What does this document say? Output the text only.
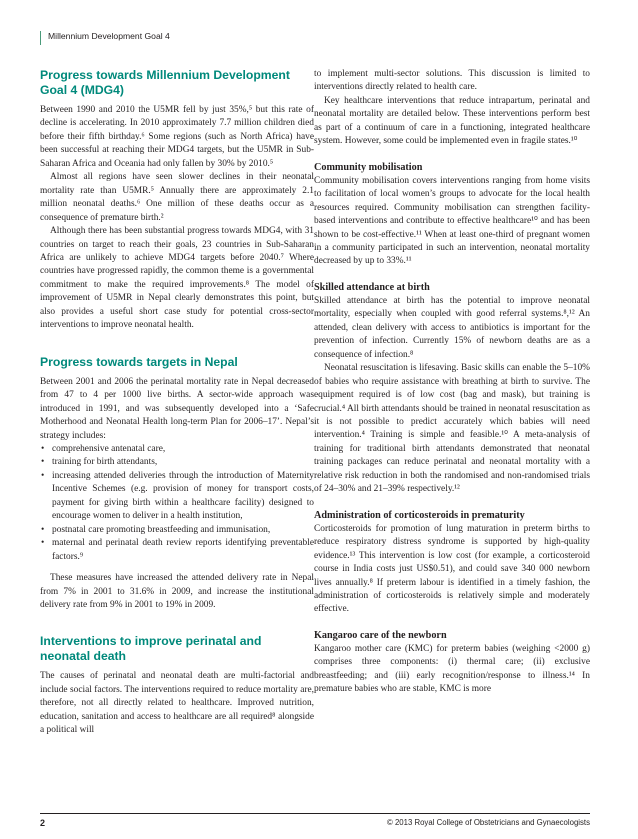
Millennium Development Goal 4
Progress towards Millennium Development Goal 4 (MDG4)

Between 1990 and 2010 the U5MR fell by just 35%,⁵ but this rate of decline is accelerating. In 2010 approximately 7.7 million children died before their fifth birthday.⁶ Some regions (such as North Africa) have been successful at reaching their MDG4 targets, but the U5MR in Sub-Saharan Africa and Oceania had only fallen by 30% by 2010.⁵

Almost all regions have seen slower declines in their neonatal mortality rate than U5MR.⁵ Annually there are approximately 2.1 million neonatal deaths.⁶ One million of these deaths occur as a consequence of premature birth.²

Although there has been substantial progress towards MDG4, with 31 countries on target to reach their goals, 23 countries in Sub-Saharan Africa are unlikely to achieve MDG4 targets before 2040.⁷ Where countries have progressed rapidly, the common theme is a governmental commitment to make the required improvements.⁸ The model of improvement of U5MR in Nepal clearly demonstrates this point, but also provides a useful short case study for potential cross-sector interventions to improve neonatal health.

Progress towards targets in Nepal

Between 2001 and 2006 the perinatal mortality rate in Nepal decreased from 47 to 4 per 1000 live births. A sector-wide approach was introduced in 1991, and was subsequently developed into a ‘Safe Motherhood and Neonatal Health long-term Plan for 2006–17’. Nepal’s strategy includes:

• comprehensive antenatal care,
• training for birth attendants,
• increasing attended deliveries through the introduction of Maternity Incentive Schemes (e.g. provision of money for transport costs, payment for giving birth within a healthcare facility) designed to encourage women to deliver in a health institution,
• postnatal care promoting breastfeeding and immunisation,
• maternal and perinatal death review reports identifying preventable factors.⁹

These measures have increased the attended delivery rate in Nepal from 7% in 2001 to 31.6% in 2009, and increase the institutional delivery rate from 9% in 2001 to 19% in 2009.

Interventions to improve perinatal and neonatal death

The causes of perinatal and neonatal death are multi-factorial and include social factors. The interventions required to reduce mortality are, therefore, not all directly related to healthcare. Improved nutrition, education, sanitation and access to healthcare are all required⁸ alongside a political will

to implement multi-sector solutions. This discussion is limited to interventions directly related to health care.

Key healthcare interventions that reduce intrapartum, perinatal and neonatal mortality are detailed below. These interventions perform best as part of a continuum of care in a functioning, integrated healthcare system. However, some could be implemented even in fragile states.¹⁰

Community mobilisation

Community mobilisation covers interventions ranging from home visits to facilitation of local women’s groups to advocate for the local health resources required. Community mobilisation can strengthen facility-based interventions and contribute to effective healthcare¹⁰ and has been shown to be cost-effective.¹¹ When at least one-third of pregnant women in a community participated in such an intervention, neonatal mortality decreased by up to 33%.¹¹

Skilled attendance at birth

Skilled attendance at birth has the potential to improve neonatal mortality, especially when coupled with good referral systems.⁸,¹² An attended, clean delivery with access to antibiotics is important for the prevention of infection. Currently 15% of newborn deaths are as a consequence of infection.⁸

Neonatal resuscitation is lifesaving. Basic skills can enable the 5–10% of babies who require assistance with breathing at birth to survive. The equipment required is of low cost (bag and mask), but training is crucial.⁴ All birth attendants should be trained in neonatal resuscitation as it is not possible to predict accurately which babies will need intervention.⁴ Training is simple and feasible.¹⁰ A meta-analysis of training for traditional birth attendants demonstrated that neonatal training packages can reduce perinatal and neonatal mortality with a relative risk reduction in both the randomised and non-randomised trials of 24–30% and 21–39% respectively.¹²

Administration of corticosteroids in prematurity

Corticosteroids for promotion of lung maturation in preterm births to reduce respiratory distress syndrome is supported by high-quality evidence.¹³ This intervention is low cost (for example, a corticosteroid course in India costs just US$0.51), and could save 340 000 newborn lives annually.⁸ If preterm labour is identified in a timely fashion, the administration of corticosteroids is relatively simple and moderately effective.

Kangaroo care of the newborn

Kangaroo mother care (KMC) for preterm babies (weighing <2000 g) comprises three components: (i) thermal care; (ii) exclusive breastfeeding; and (iii) early recognition/response to illness.¹⁴ In premature babies who are stable, KMC is more

2	© 2013 Royal College of Obstetricians and Gynaecologists
